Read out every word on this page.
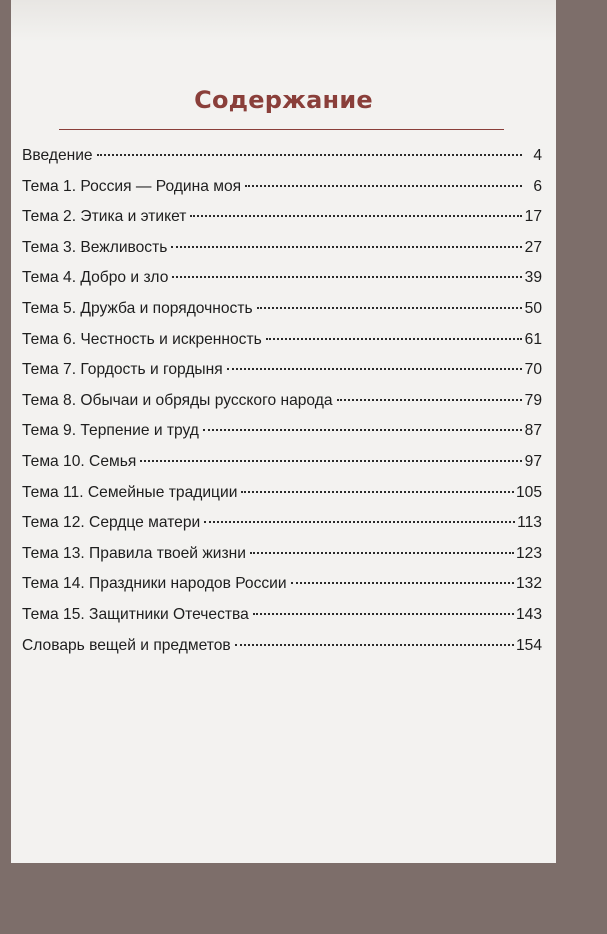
Содержание
Введение	4
Тема 1. Россия — Родина моя	6
Тема 2. Этика и этикет	17
Тема 3. Вежливость	27
Тема 4. Добро и зло	39
Тема 5. Дружба и порядочность	50
Тема 6. Честность и искренность	61
Тема 7. Гордость и гордыня	70
Тема 8. Обычаи и обряды русского народа	79
Тема 9. Терпение и труд	87
Тема 10. Семья	97
Тема 11. Семейные традиции	105
Тема 12. Сердце матери	113
Тема 13. Правила твоей жизни	123
Тема 14. Праздники народов России	132
Тема 15. Защитники Отечества	143
Словарь вещей и предметов	154
